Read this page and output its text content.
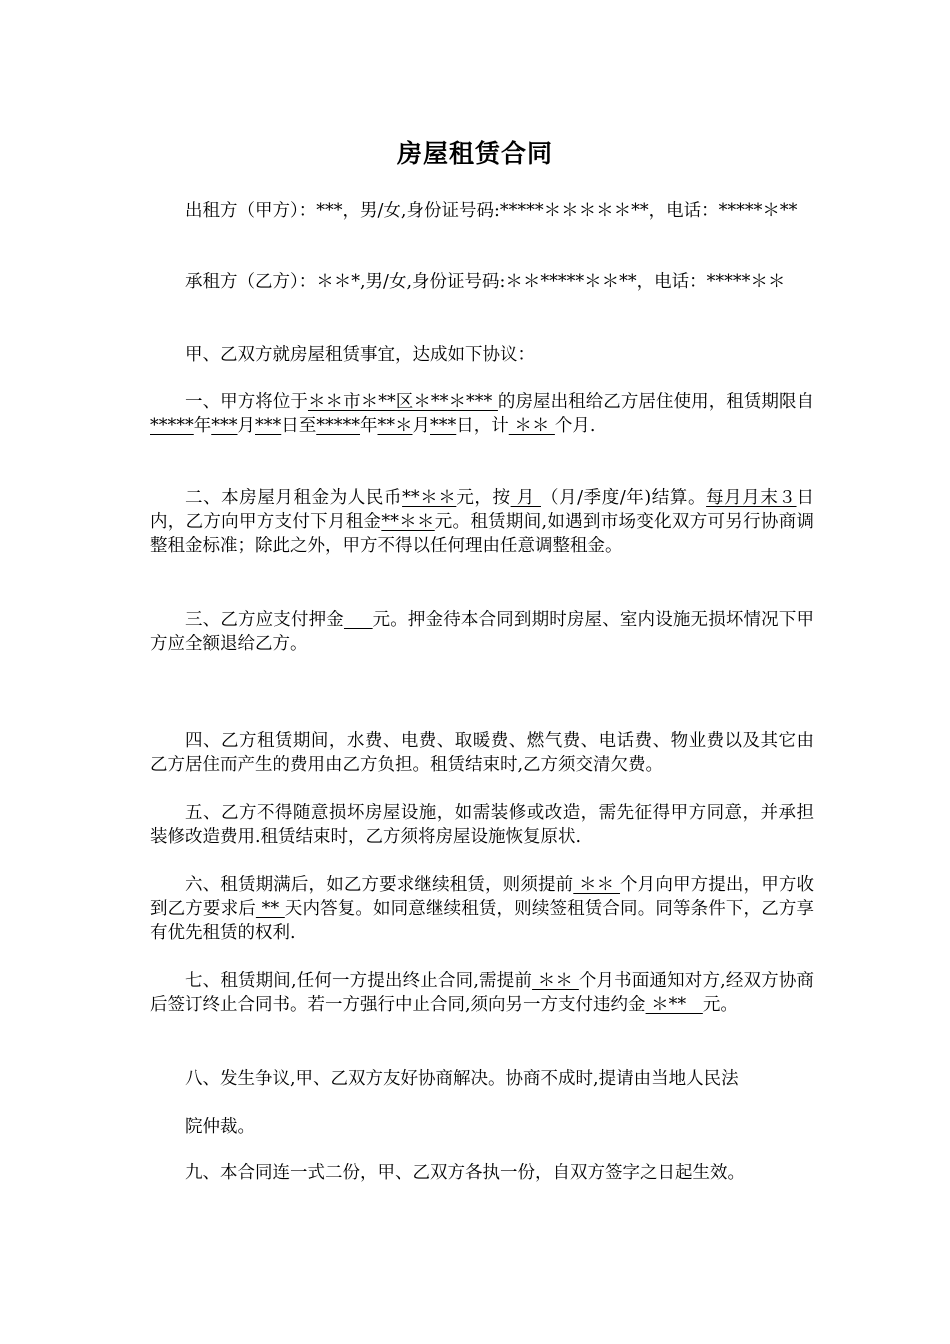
房屋租赁合同

出租方（甲方）：***，男/女,身份证号码:*****＊＊＊＊＊**，电话：*****＊**

承租方（乙方）：＊＊*,男/女,身份证号码:＊＊*****＊＊**，电话：*****＊＊

甲、乙双方就房屋租赁事宜，达成如下协议：

一、甲方将位于＊＊市＊**区＊**＊*** 的房屋出租给乙方居住使用，租赁期限自*****年***月***日至*****年**＊月***日，计 ＊＊ 个月.

二、本房屋月租金为人民币**＊＊元，按 月 （月/季度/年)结算。每月月末３日内，乙方向甲方支付下月租金**＊＊元。租赁期间,如遇到市场变化双方可另行协商调整租金标准；除此之外，甲方不得以任何理由任意调整租金。

三、乙方应支付押金 元。押金待本合同到期时房屋、室内设施无损坏情况下甲方应全额退给乙方。

四、乙方租赁期间，水费、电费、取暖费、燃气费、电话费、物业费以及其它由乙方居住而产生的费用由乙方负担。租赁结束时,乙方须交清欠费。

五、乙方不得随意损坏房屋设施，如需装修或改造，需先征得甲方同意，并承担装修改造费用.租赁结束时，乙方须将房屋设施恢复原状.

六、租赁期满后，如乙方要求继续租赁，则须提前 ＊＊ 个月向甲方提出，甲方收到乙方要求后 ** 天内答复。如同意继续租赁，则续签租赁合同。同等条件下，乙方享有优先租赁的权利.

七、租赁期间,任何一方提出终止合同,需提前 ＊＊ 个月书面通知对方,经双方协商后签订终止合同书。若一方强行中止合同,须向另一方支付违约金 ＊**   元。

八、发生争议,甲、乙双方友好协商解决。协商不成时,提请由当地人民法

院仲裁。

九、本合同连一式二份，甲、乙双方各执一份，自双方签字之日起生效。
